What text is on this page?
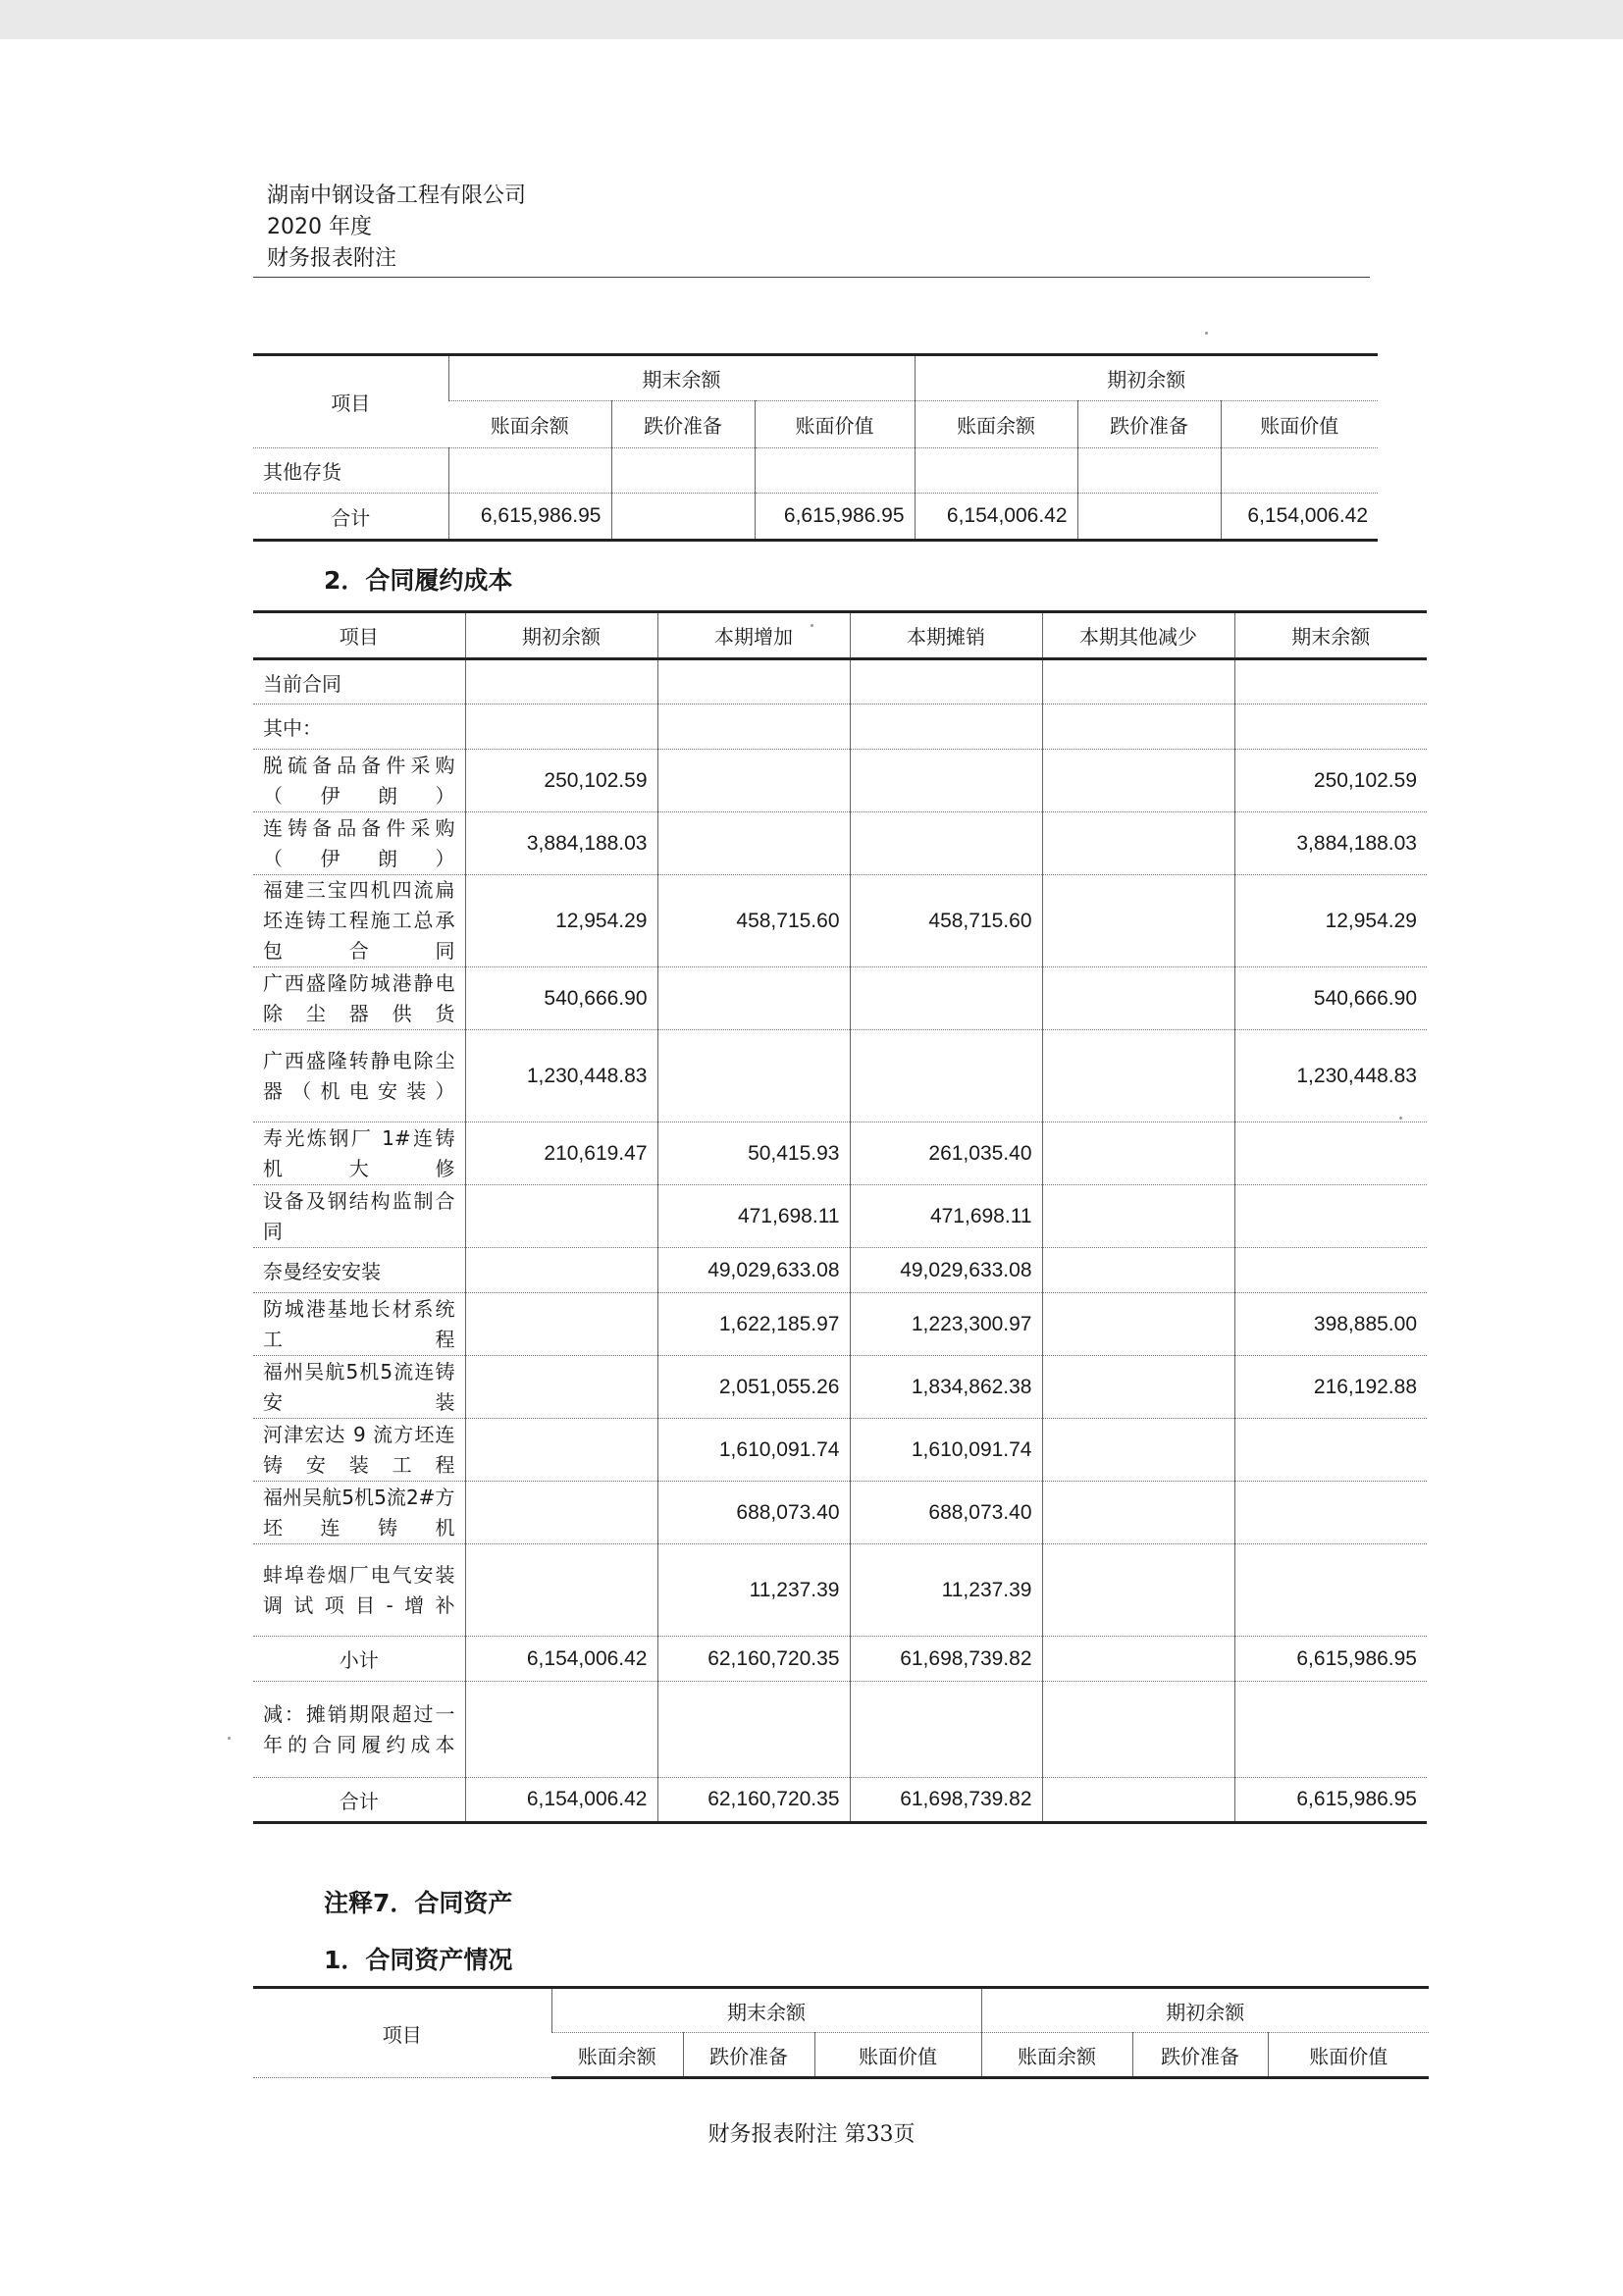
湖南中钢设备工程有限公司
2020 年度
财务报表附注
项目	期末余额			期初余额		
	账面余额	跌价准备	账面价值	账面余额	跌价准备	账面价值
其他存货						
合计	6,615,986.95		6,615,986.95	6,154,006.42		6,154,006.42
2．合同履约成本
项目	期初余额	本期增加	本期摊销	本期其他减少	期末余额
当前合同					
其中：					
脱硫备品备件采购（伊朗）	250,102.59				250,102.59
连铸备品备件采购（伊朗）	3,884,188.03				3,884,188.03
福建三宝四机四流扁坯连铸工程施工总承包合同	12,954.29	458,715.60	458,715.60		12,954.29
广西盛隆防城港静电除尘器供货	540,666.90				540,666.90
广西盛隆转静电除尘器（机电安装）	1,230,448.83				1,230,448.83
寿光炼钢厂 1#连铸机大修	210,619.47	50,415.93	261,035.40		
设备及钢结构监制合同		471,698.11	471,698.11		
奈曼经安安装		49,029,633.08	49,029,633.08		
防城港基地长材系统工程		1,622,185.97	1,223,300.97		398,885.00
福州吴航5机5流连铸安装		2,051,055.26	1,834,862.38		216,192.88
河津宏达 9 流方坯连铸安装工程		1,610,091.74	1,610,091.74		
福州吴航5机5流2#方坯连铸机		688,073.40	688,073.40		
蚌埠卷烟厂电气安装调试项目-增补		11,237.39	11,237.39		
小计	6,154,006.42	62,160,720.35	61,698,739.82		6,615,986.95
减：摊销期限超过一年的合同履约成本					
合计	6,154,006.42	62,160,720.35	61,698,739.82		6,615,986.95
注释7．合同资产
1．合同资产情况
项目	期末余额			期初余额		
	账面余额	跌价准备	账面价值	账面余额	跌价准备	账面价值
财务报表附注 第33页
